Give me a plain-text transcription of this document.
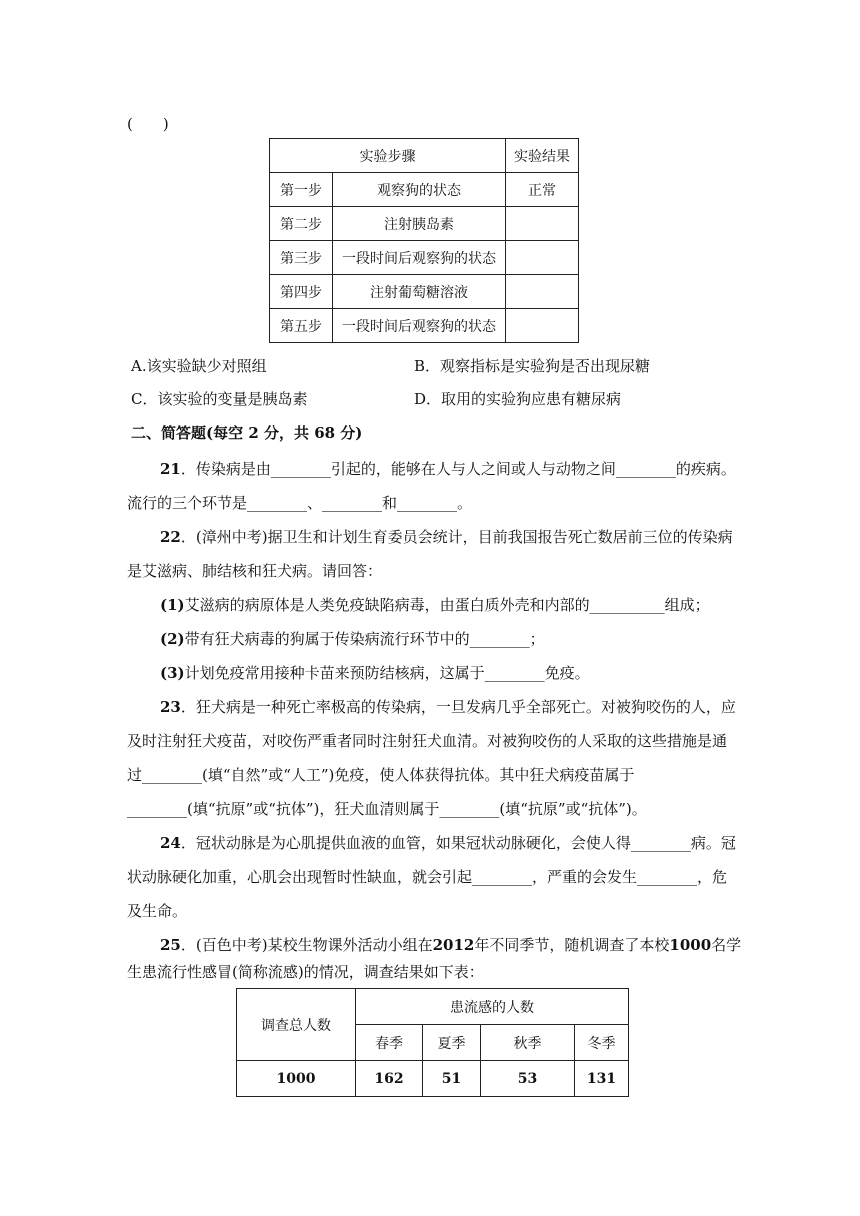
(　　)
实验步骤		实验结果
第一步	观察狗的状态	正常
第二步	注射胰岛素	
第三步	一段时间后观察狗的状态	
第四步	注射葡萄糖溶液	
第五步	一段时间后观察狗的状态	
A.该实验缺少对照组	B．观察指标是实验狗是否出现尿糖
C．该实验的变量是胰岛素	D．取用的实验狗应患有糖尿病
二、简答题(每空 2 分，共 68 分)
21．传染病是由________引起的，能够在人与人之间或人与动物之间________的疾病。
流行的三个环节是________、________和________。
22．(漳州中考)据卫生和计划生育委员会统计，目前我国报告死亡数居前三位的传染病
是艾滋病、肺结核和狂犬病。请回答：
(1)艾滋病的病原体是人类免疫缺陷病毒，由蛋白质外壳和内部的__________组成；
(2)带有狂犬病毒的狗属于传染病流行环节中的________；
(3)计划免疫常用接种卡苗来预防结核病，这属于________免疫。
23．狂犬病是一种死亡率极高的传染病，一旦发病几乎全部死亡。对被狗咬伤的人，应
及时注射狂犬疫苗，对咬伤严重者同时注射狂犬血清。对被狗咬伤的人采取的这些措施是通
过________(填“自然”或“人工”)免疫，使人体获得抗体。其中狂犬病疫苗属于
________(填“抗原”或“抗体”)，狂犬血清则属于________(填“抗原”或“抗体”)。
24．冠状动脉是为心肌提供血液的血管，如果冠状动脉硬化，会使人得________病。冠
状动脉硬化加重，心肌会出现暂时性缺血，就会引起________，严重的会发生________，危
及生命。
25．(百色中考)某校生物课外活动小组在2012年不同季节，随机调查了本校1000名学
生患流行性感冒(简称流感)的情况，调查结果如下表：
调查总人数	患流感的人数			
	春季	夏季	秋季	冬季
1000	162	51	53	131
